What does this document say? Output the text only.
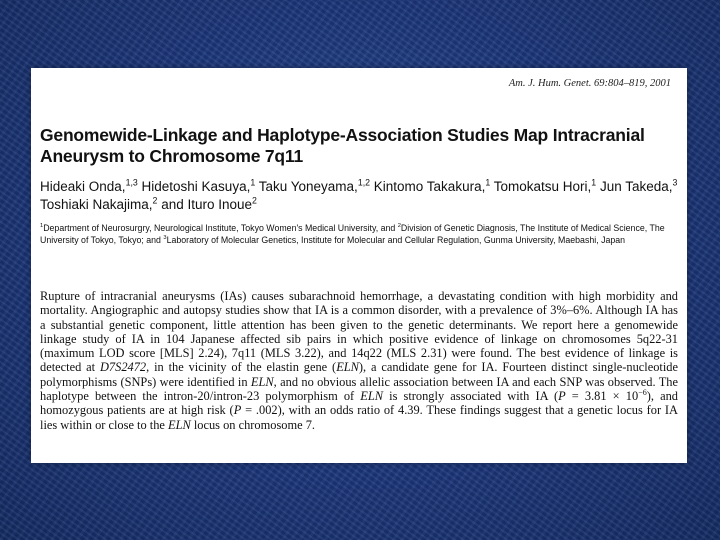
Am. J. Hum. Genet. 69:804–819, 2001
Genomewide-Linkage and Haplotype-Association Studies Map Intracranial Aneurysm to Chromosome 7q11
Hideaki Onda,$^{1,3}$ Hidetoshi Kasuya,$^1$ Taku Yoneyama,$^{1,2}$ Kintomo Takakura,$^1$ Tomokatsu Hori,$^1$ Jun Takeda,$^3$ Toshiaki Nakajima,$^2$ and Ituro Inoue$^2$
$^1$Department of Neurosurgry, Neurological Institute, Tokyo Women's Medical University, and $^2$Division of Genetic Diagnosis, The Institute of Medical Science, The University of Tokyo, Tokyo; and $^3$Laboratory of Molecular Genetics, Institute for Molecular and Cellular Regulation, Gunma University, Maebashi, Japan
Rupture of intracranial aneurysms (IAs) causes subarachnoid hemorrhage, a devastating condition with high morbidity and mortality. Angiographic and autopsy studies show that IA is a common disorder, with a prevalence of 3%–6%. Although IA has a substantial genetic component, little attention has been given to the genetic determinants. We report here a genomewide linkage study of IA in 104 Japanese affected sib pairs in which positive evidence of linkage on chromosomes 5q22-31 (maximum LOD score [MLS] 2.24), 7q11 (MLS 3.22), and 14q22 (MLS 2.31) were found. The best evidence of linkage is detected at D7S2472, in the vicinity of the elastin gene (ELN), a candidate gene for IA. Fourteen distinct single-nucleotide polymorphisms (SNPs) were identified in ELN, and no obvious allelic association between IA and each SNP was observed. The haplotype between the intron-20/intron-23 polymorphism of ELN is strongly associated with IA $(P = 3.81 \times 10^{-6})$, and homozygous patients are at high risk (P = .002), with an odds ratio of 4.39. These findings suggest that a genetic locus for IA lies within or close to the ELN locus on chromosome 7.
